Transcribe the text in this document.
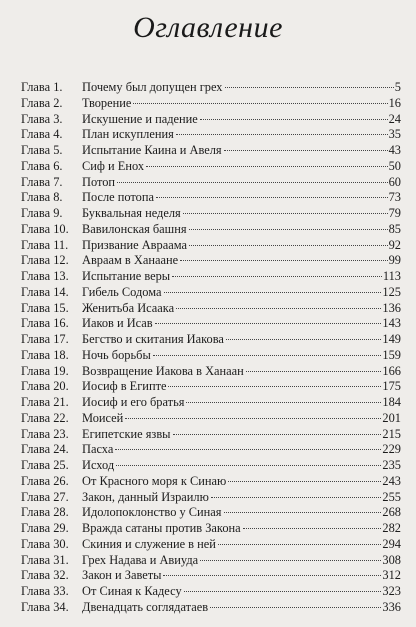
Оглавление
Глава 1.	Почему был допущен грех	5
Глава 2.	Творение	16
Глава 3.	Искушение и падение	24
Глава 4.	План искупления	35
Глава 5.	Испытание Каина и Авеля	43
Глава 6.	Сиф и Енох	50
Глава 7.	Потоп	60
Глава 8.	После потопа	73
Глава 9.	Буквальная неделя	79
Глава 10.	Вавилонская башня	85
Глава 11.	Призвание Авраама	92
Глава 12.	Авраам в Ханаане	99
Глава 13.	Испытание веры	113
Глава 14.	Гибель Содома	125
Глава 15.	Женитьба Исаака	136
Глава 16.	Иаков и Исав	143
Глава 17.	Бегство и скитания Иакова	149
Глава 18.	Ночь борьбы	159
Глава 19.	Возвращение Иакова в Ханаан	166
Глава 20.	Иосиф в Египте	175
Глава 21.	Иосиф и его братья	184
Глава 22.	Моисей	201
Глава 23.	Египетские язвы	215
Глава 24.	Пасха	229
Глава 25.	Исход	235
Глава 26.	От Красного моря к Синаю	243
Глава 27.	Закон, данный Израилю	255
Глава 28.	Идолопоклонство у Синая	268
Глава 29.	Вражда сатаны против Закона	282
Глава 30.	Скиния и служение в ней	294
Глава 31.	Грех Надава и Авиуда	308
Глава 32.	Закон и Заветы	312
Глава 33.	От Синая к Кадесу	323
Глава 34.	Двенадцать соглядатаев	336
